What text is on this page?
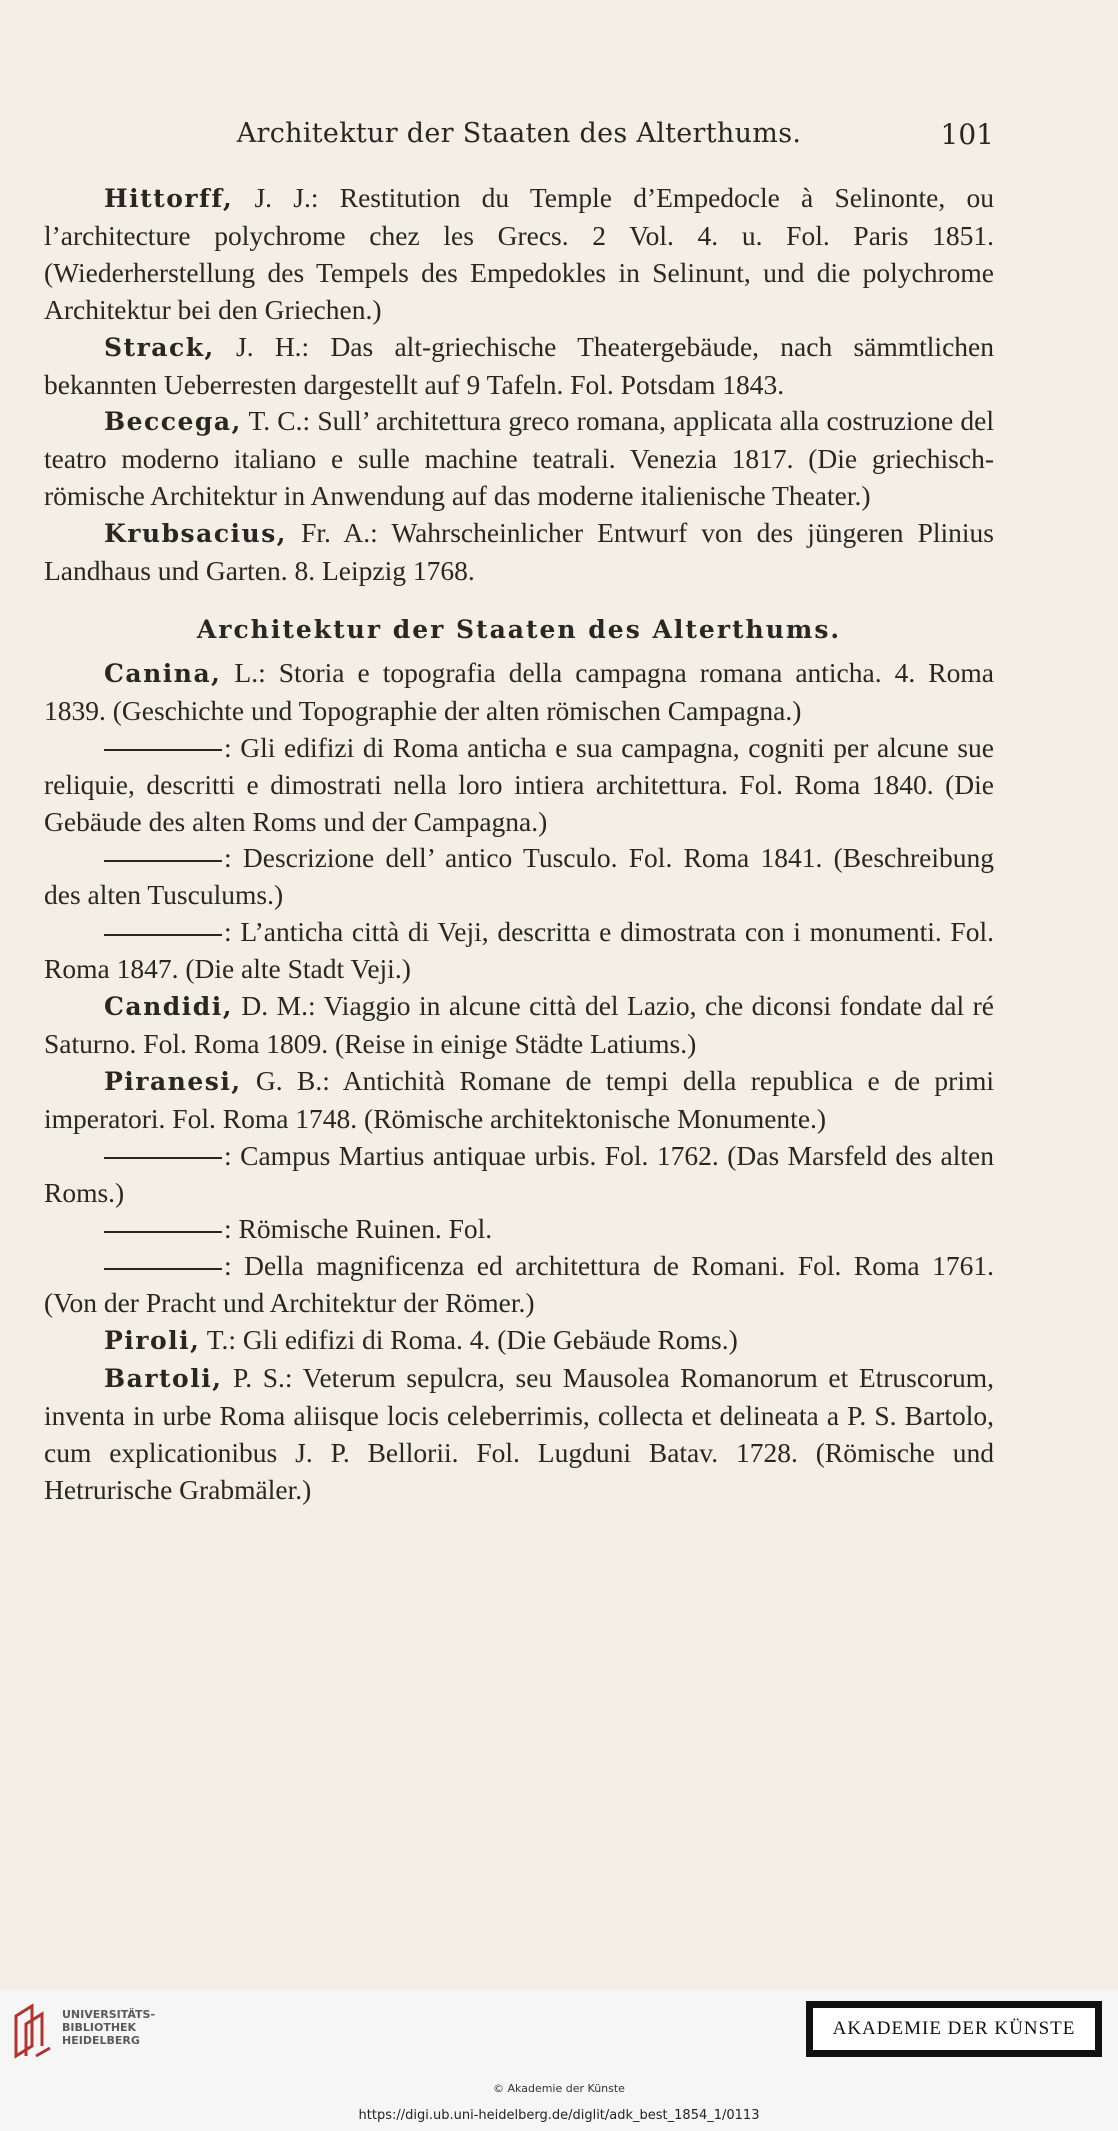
Architektur der Staaten des Alterthums.	101

Hittorff, J. J.: Restitution du Temple d’Empedocle à Selinonte, ou l’architecture polychrome chez les Grecs. 2 Vol. 4. u. Fol. Paris 1851. (Wiederherstellung des Tempels des Empedokles in Selinunt, und die polychrome Architektur bei den Griechen.)

Strack, J. H.: Das alt-griechische Theatergebäude, nach sämmtlichen bekannten Ueberresten dargestellt auf 9 Tafeln. Fol. Potsdam 1843.

Beccega, T. C.: Sull’ architettura greco romana, applicata alla costruzione del teatro moderno italiano e sulle machine teatrali. Venezia 1817. (Die griechisch-römische Architektur in Anwendung auf das moderne italienische Theater.)

Krubsacius, Fr. A.: Wahrscheinlicher Entwurf von des jüngeren Plinius Landhaus und Garten. 8. Leipzig 1768.

Architektur der Staaten des Alterthums.

Canina, L.: Storia e topografia della campagna romana anticha. 4. Roma 1839. (Geschichte und Topographie der alten römischen Campagna.)

: Gli edifizi di Roma anticha e sua campagna, cogniti per alcune sue reliquie, descritti e dimostrati nella loro intiera architettura. Fol. Roma 1840. (Die Gebäude des alten Roms und der Campagna.)

: Descrizione dell’ antico Tusculo. Fol. Roma 1841. (Beschreibung des alten Tusculums.)

: L’anticha città di Veji, descritta e dimostrata con i monumenti. Fol. Roma 1847. (Die alte Stadt Veji.)

Candidi, D. M.: Viaggio in alcune città del Lazio, che diconsi fondate dal ré Saturno. Fol. Roma 1809. (Reise in einige Städte Latiums.)

Piranesi, G. B.: Antichità Romane de tempi della republica e de primi imperatori. Fol. Roma 1748. (Römische architektonische Monumente.)

: Campus Martius antiquae urbis. Fol. 1762. (Das Marsfeld des alten Roms.)

: Römische Ruinen. Fol.

: Della magnificenza ed architettura de Romani. Fol. Roma 1761. (Von der Pracht und Architektur der Römer.)

Piroli, T.: Gli edifizi di Roma. 4. (Die Gebäude Roms.)

Bartoli, P. S.: Veterum sepulcra, seu Mausolea Romanorum et Etruscorum, inventa in urbe Roma aliisque locis celeberrimis, collecta et delineata a P. S. Bartolo, cum explicationibus J. P. Bellorii. Fol. Lugduni Batav. 1728. (Römische und Hetrurische Grabmäler.)

UNIVERSITÄTS-
BIBLIOTHEK
HEIDELBERG
AKADEMIE DER KÜNSTE
© Akademie der Künste
https://digi.ub.uni-heidelberg.de/diglit/adk_best_1854_1/0113
